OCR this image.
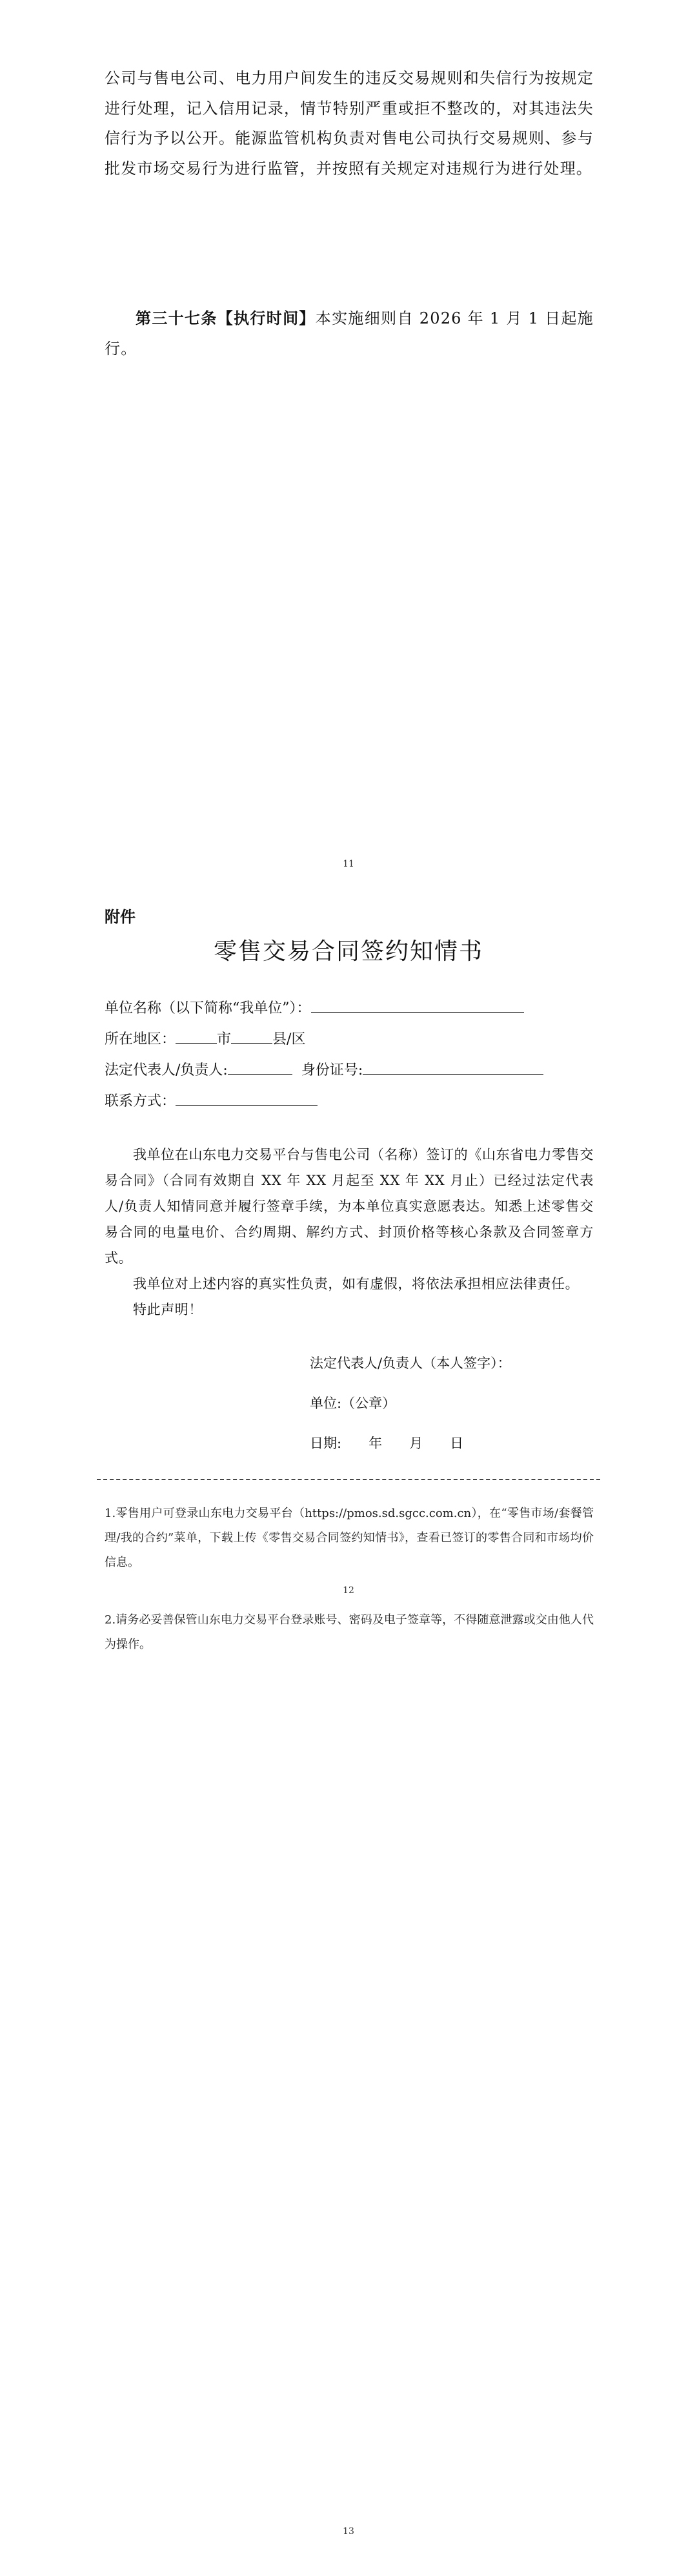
公司与售电公司、电力用户间发生的违反交易规则和失信行为按规定进行处理，记入信用记录，情节特别严重或拒不整改的，对其违法失信行为予以公开。能源监管机构负责对售电公司执行交易规则、参与批发市场交易行为进行监管，并按照有关规定对违规行为进行处理。
第三十七条【执行时间】本实施细则自 2026 年 1 月 1 日起施行。
11
附件
零售交易合同签约知情书
单位名称（以下简称“我单位”）：
所在地区：	市	县/区
法定代表人/负责人:	身份证号:
联系方式：

我单位在山东电力交易平台与售电公司（名称）签订的《山东省电力零售交易合同》（合同有效期自 XX 年 XX 月起至 XX 年 XX 月止）已经过法定代表人/负责人知情同意并履行签章手续，为本单位真实意愿表达。知悉上述零售交易合同的电量电价、合约周期、解约方式、封顶价格等核心条款及合同签章方式。

我单位对上述内容的真实性负责，如有虚假，将依法承担相应法律责任。

特此声明！

法定代表人/负责人（本人签字）：
单位:（公章）
日期: 年 月 日
1.零售用户可登录山东电力交易平台（https://pmos.sd.sgcc.com.cn），在“零售市场/套餐管理/我的合约”菜单，下载上传《零售交易合同签约知情书》，查看已签订的零售合同和市场均价信息。
12
2.请务必妥善保管山东电力交易平台登录账号、密码及电子签章等，不得随意泄露或交由他人代为操作。
13
